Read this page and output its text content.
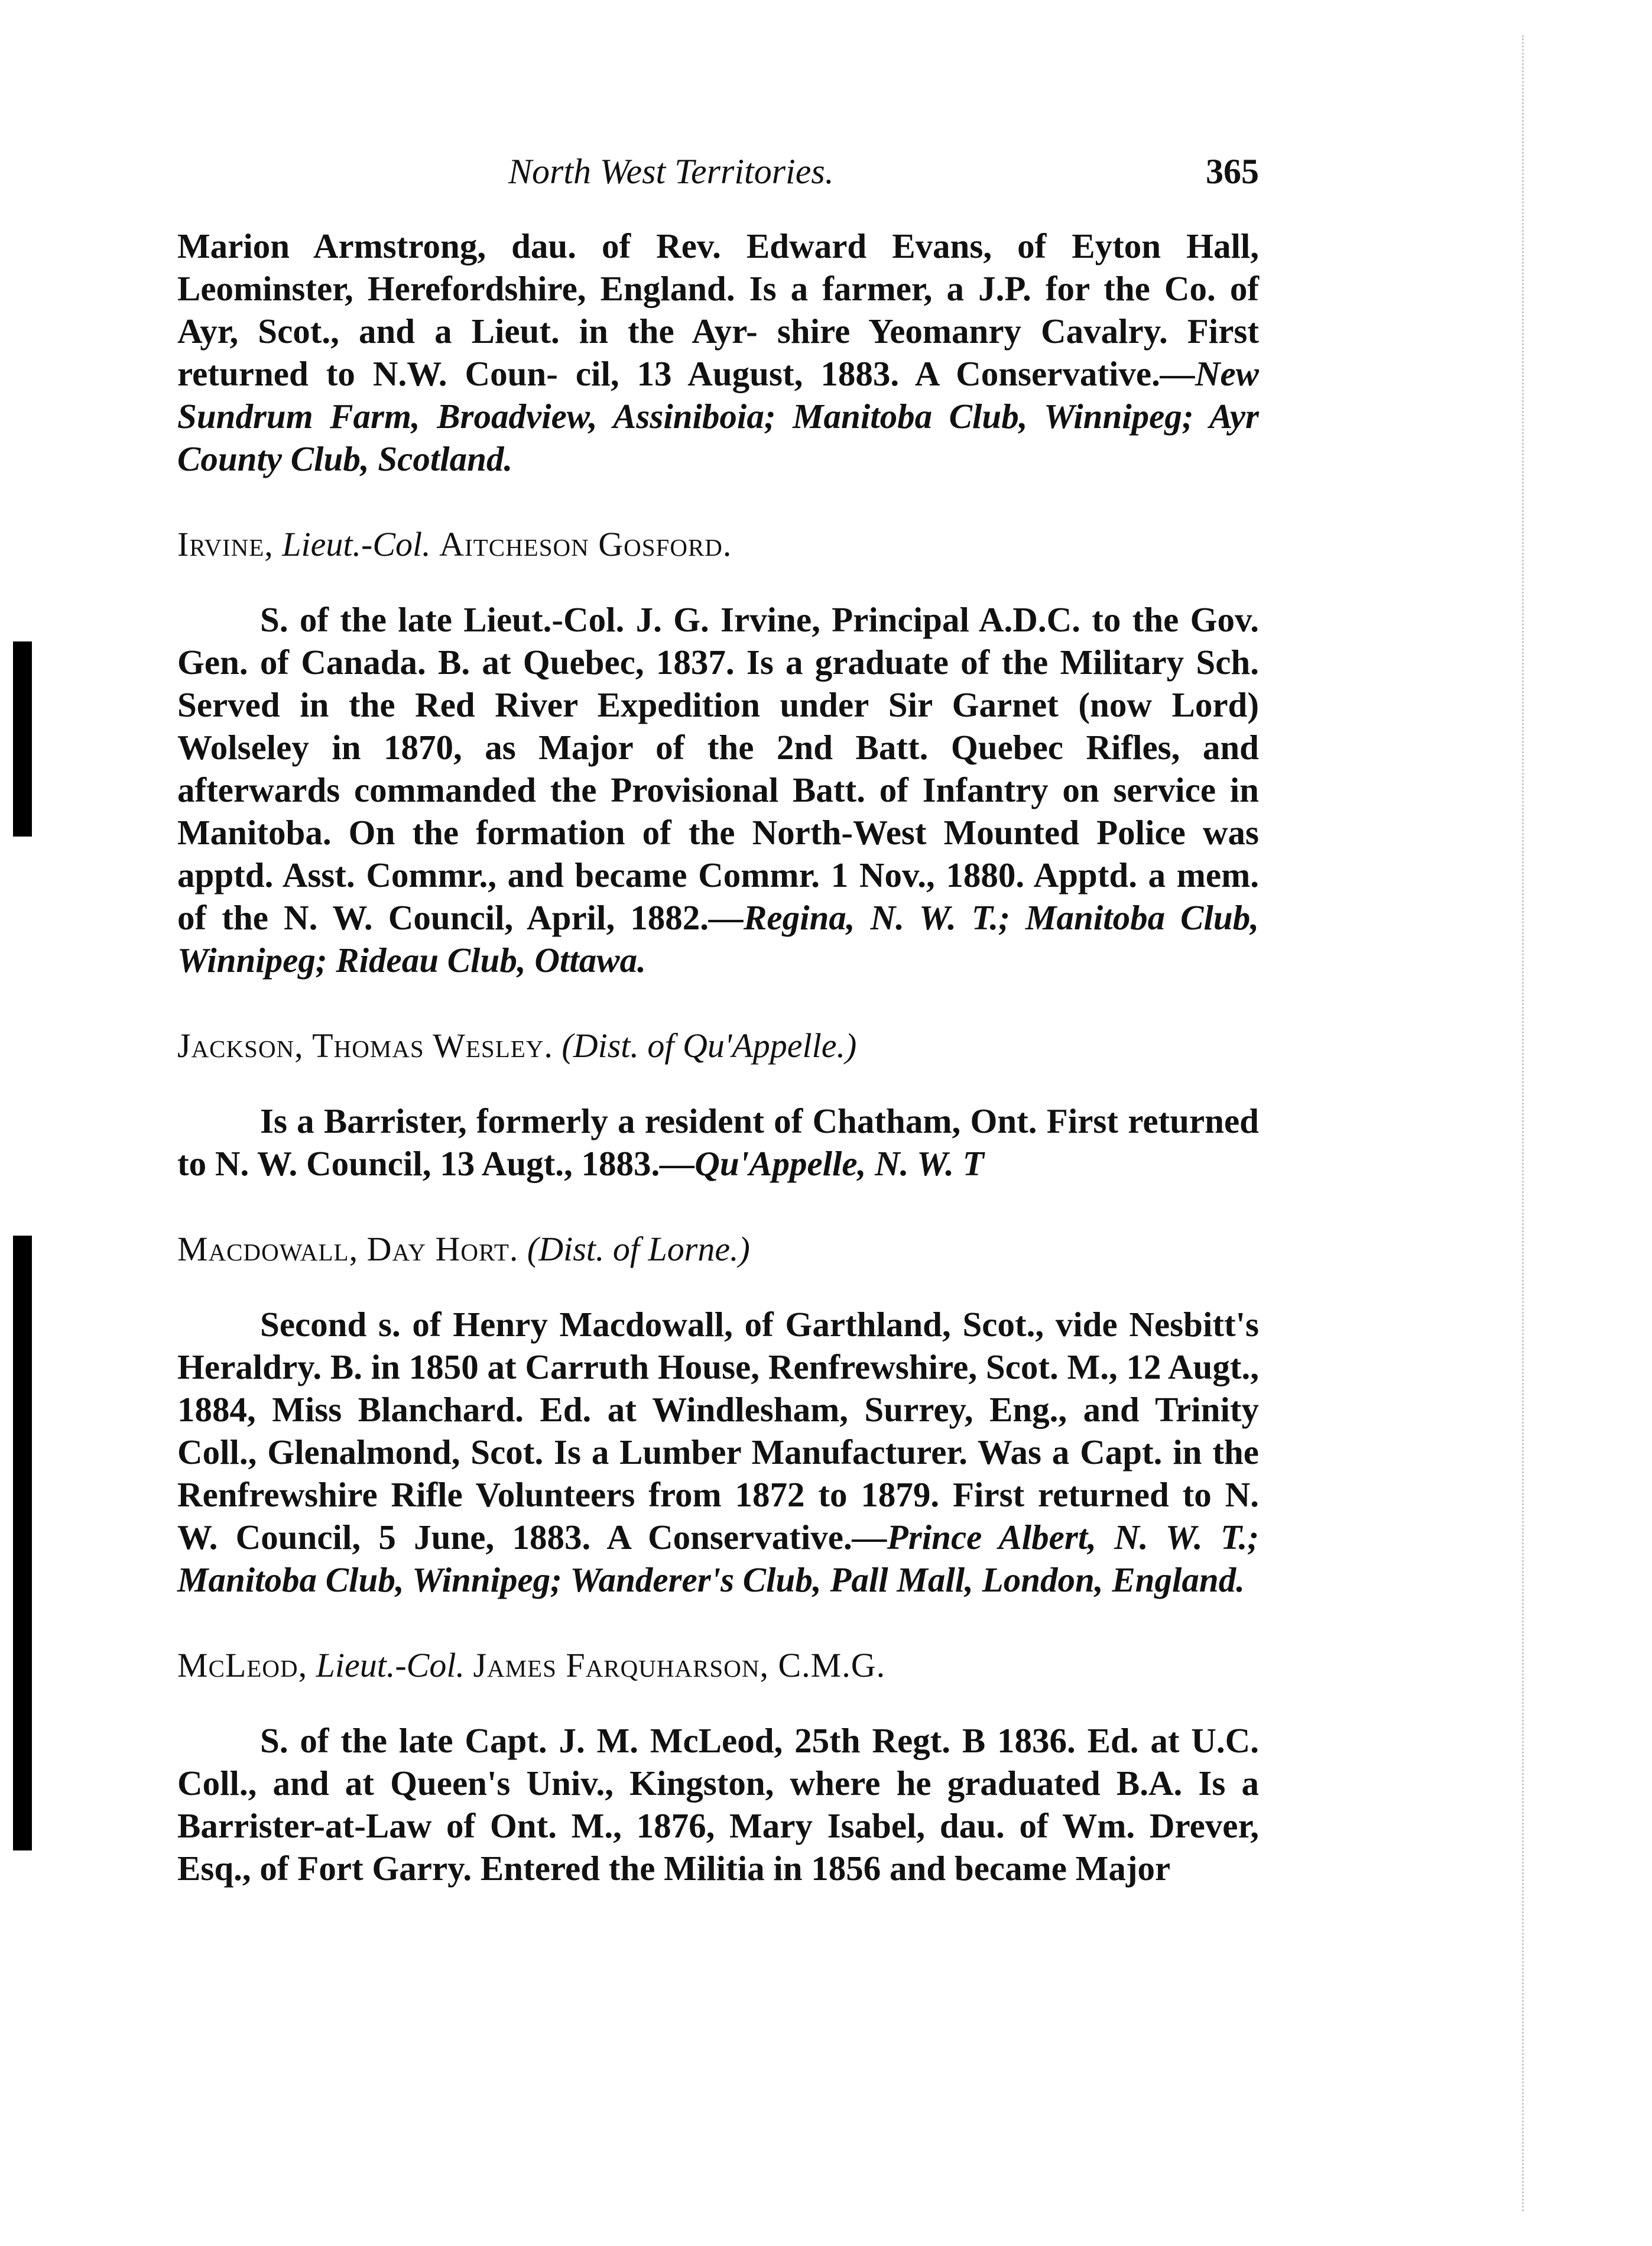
North West Territories.	365

Marion Armstrong, dau. of Rev. Edward Evans, of Eyton Hall, Leominster, Herefordshire, England. Is a farmer, a J.P. for the Co. of Ayr, Scot., and a Lieut. in the Ayr- shire Yeomanry Cavalry. First returned to N.W. Coun- cil, 13 August, 1883. A Conservative.—New Sundrum Farm, Broadview, Assiniboia; Manitoba Club, Winnipeg; Ayr County Club, Scotland.

Irvine, Lieut.-Col. Aitcheson Gosford.

S. of the late Lieut.-Col. J. G. Irvine, Principal A.D.C. to the Gov. Gen. of Canada. B. at Quebec, 1837. Is a graduate of the Military Sch. Served in the Red River Expedition under Sir Garnet (now Lord) Wolseley in 1870, as Major of the 2nd Batt. Quebec Rifles, and afterwards commanded the Provisional Batt. of Infantry on service in Manitoba. On the formation of the North-West Mounted Police was apptd. Asst. Commr., and became Commr. 1 Nov., 1880. Apptd. a mem. of the N. W. Council, April, 1882.—Regina, N. W. T.; Manitoba Club, Winnipeg; Rideau Club, Ottawa.

Jackson, Thomas Wesley. (Dist. of Qu'Appelle.)

Is a Barrister, formerly a resident of Chatham, Ont. First returned to N. W. Council, 13 Augt., 1883.—Qu'Appelle, N. W. T

Macdowall, Day Hort. (Dist. of Lorne.)

Second s. of Henry Macdowall, of Garthland, Scot., vide Nesbitt's Heraldry. B. in 1850 at Carruth House, Renfrewshire, Scot. M., 12 Augt., 1884, Miss Blanchard. Ed. at Windlesham, Surrey, Eng., and Trinity Coll., Glenalmond, Scot. Is a Lumber Manufacturer. Was a Capt. in the Renfrewshire Rifle Volunteers from 1872 to 1879. First returned to N. W. Council, 5 June, 1883. A Conservative.—Prince Albert, N. W. T.; Manitoba Club, Winnipeg; Wanderer's Club, Pall Mall, London, England.

McLeod, Lieut.-Col. James Farquharson, C.M.G.

S. of the late Capt. J. M. McLeod, 25th Regt. B 1836. Ed. at U.C. Coll., and at Queen's Univ., Kingston, where he graduated B.A. Is a Barrister-at-Law of Ont. M., 1876, Mary Isabel, dau. of Wm. Drever, Esq., of Fort Garry. Entered the Militia in 1856 and became Major
